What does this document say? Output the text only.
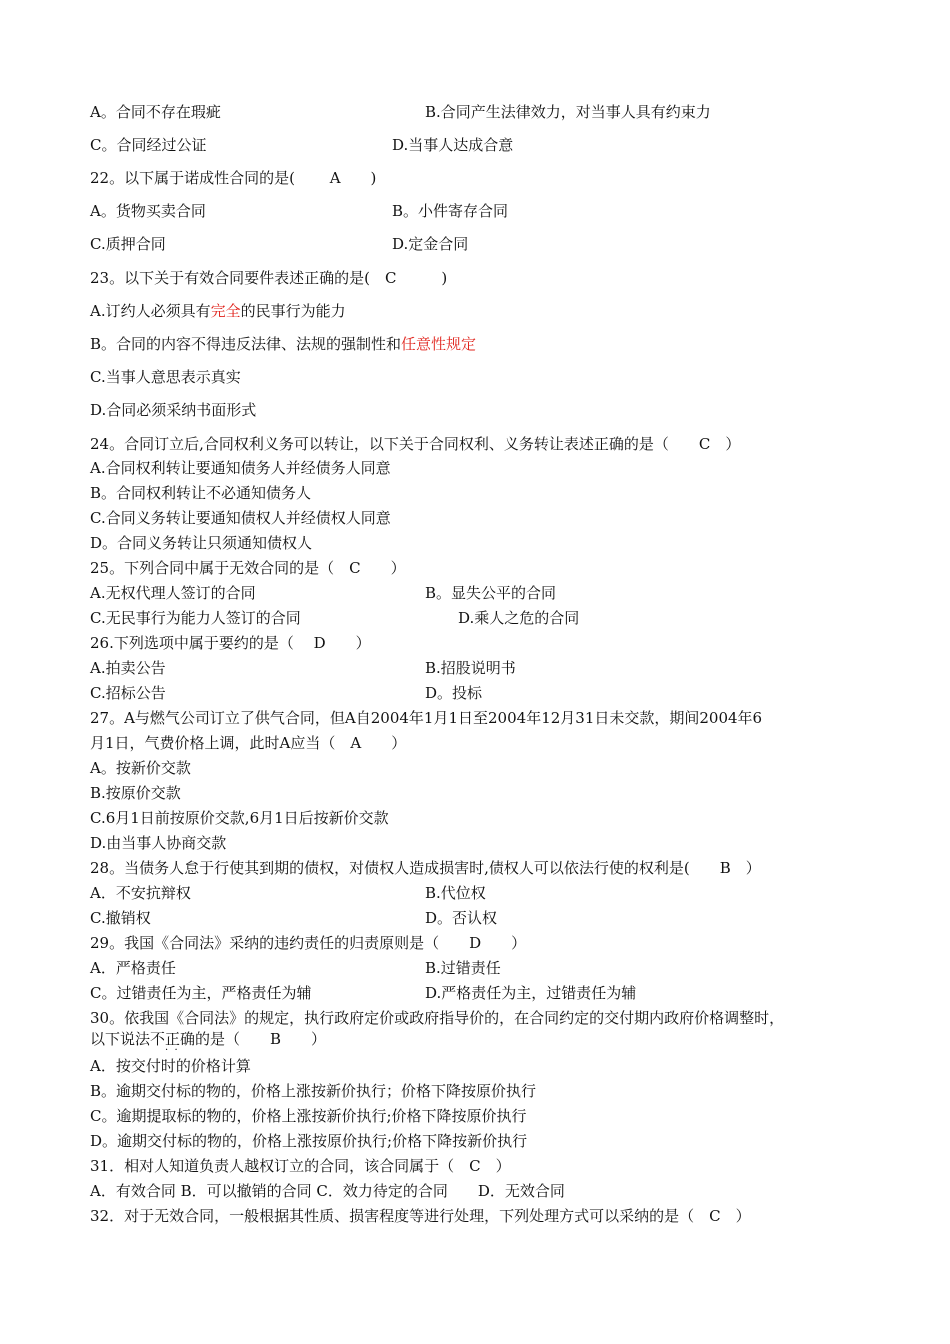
A。合同不存在瑕疵	B.合同产生法律效力，对当事人具有约束力
C。合同经过公证	D.当事人达成合意
22。以下属于诺成性合同的是(　　 A　　)
A。货物买卖合同	B。小件寄存合同
C.质押合同	D.定金合同
23。以下关于有效合同要件表述正确的是(　C　　　)
A.订约人必须具有完全的民事行为能力
B。合同的内容不得违反法律、法规的强制性和任意性规定
C.当事人意思表示真实
D.合同必须采纳书面形式
24。合同订立后,合同权利义务可以转让，以下关于合同权利、义务转让表述正确的是（　　C　）
A.合同权利转让要通知债务人并经债务人同意
B。合同权利转让不必通知债务人
C.合同义务转让要通知债权人并经债权人同意
D。合同义务转让只须通知债权人
25。下列合同中属于无效合同的是（　C　　）
A.无权代理人签订的合同	B。显失公平的合同
C.无民事行为能力人签订的合同	D.乘人之危的合同
26.下列选项中属于要约的是（　 D　　）
A.拍卖公告	B.招股说明书
C.招标公告	D。投标
27。A与燃气公司订立了供气合同，但A自2004年1月1日至2004年12月31日未交款，期间2004年6
月1日，气费价格上调，此时A应当（　A　　）
A。按新价交款
B.按原价交款
C.6月1日前按原价交款,6月1日后按新价交款
D.由当事人协商交款
28。当债务人怠于行使其到期的债权，对债权人造成损害时,债权人可以依法行使的权利是(　　B　）
A．不安抗辩权	B.代位权
C.撤销权	D。否认权
29。我国《合同法》采纳的违约责任的归责原则是（　　D　　）
A．严格责任	B.过错责任
C。过错责任为主，严格责任为辅	D.严格责任为主，过错责任为辅
30。依我国《合同法》的规定，执行政府定价或政府指导价的，在合同约定的交付期内政府价格调整时，
以下说法不正确的是（　　B　　）
·  ·
A．按交付时的价格计算
B。逾期交付标的物的，价格上涨按新价执行；价格下降按原价执行
C。逾期提取标的物的，价格上涨按新价执行;价格下降按原价执行
D。逾期交付标的物的，价格上涨按原价执行;价格下降按新价执行
31．相对人知道负责人越权订立的合同，该合同属于（　C　）
A．有效合同 B．可以撤销的合同 C．效力待定的合同　　D．无效合同
32．对于无效合同，一般根据其性质、损害程度等进行处理，下列处理方式可以采纳的是（　C　）
